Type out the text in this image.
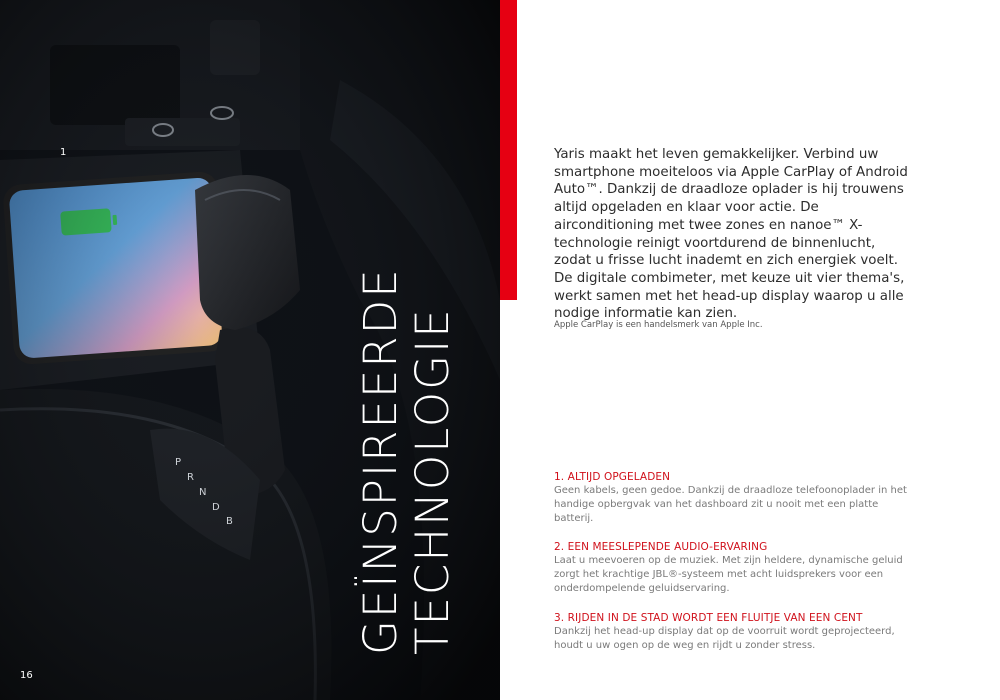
P
R
N
D
B
1
GEÏNSPIREERDE TECHNOLOGIE
16

Yaris maakt het leven gemakkelijker. Verbind uw smartphone moeiteloos via Apple CarPlay of Android Auto™. Dankzij de draadloze oplader is hij trouwens altijd opgeladen en klaar voor actie. De airconditioning met twee zones en nanoe™ X-technologie reinigt voortdurend de binnenlucht, zodat u frisse lucht inademt en zich energiek voelt. De digitale combimeter, met keuze uit vier thema's, werkt samen met het head-up display waarop u alle nodige informatie kan zien.

Apple CarPlay is een handelsmerk van Apple Inc.
1. ALTIJD OPGELADEN

Geen kabels, geen gedoe. Dankzij de draadloze telefoonoplader in het handige opbergvak van het dashboard zit u nooit met een platte batterij.

2. EEN MEESLEPENDE AUDIO-ERVARING

Laat u meevoeren op de muziek. Met zijn heldere, dynamische geluid zorgt het krachtige JBL®-systeem met acht luidsprekers voor een onderdompelende geluidservaring.

3. RIJDEN IN DE STAD WORDT EEN FLUITJE VAN EEN CENT

Dankzij het head-up display dat op de voorruit wordt geprojecteerd, houdt u uw ogen op de weg en rijdt u zonder stress.
